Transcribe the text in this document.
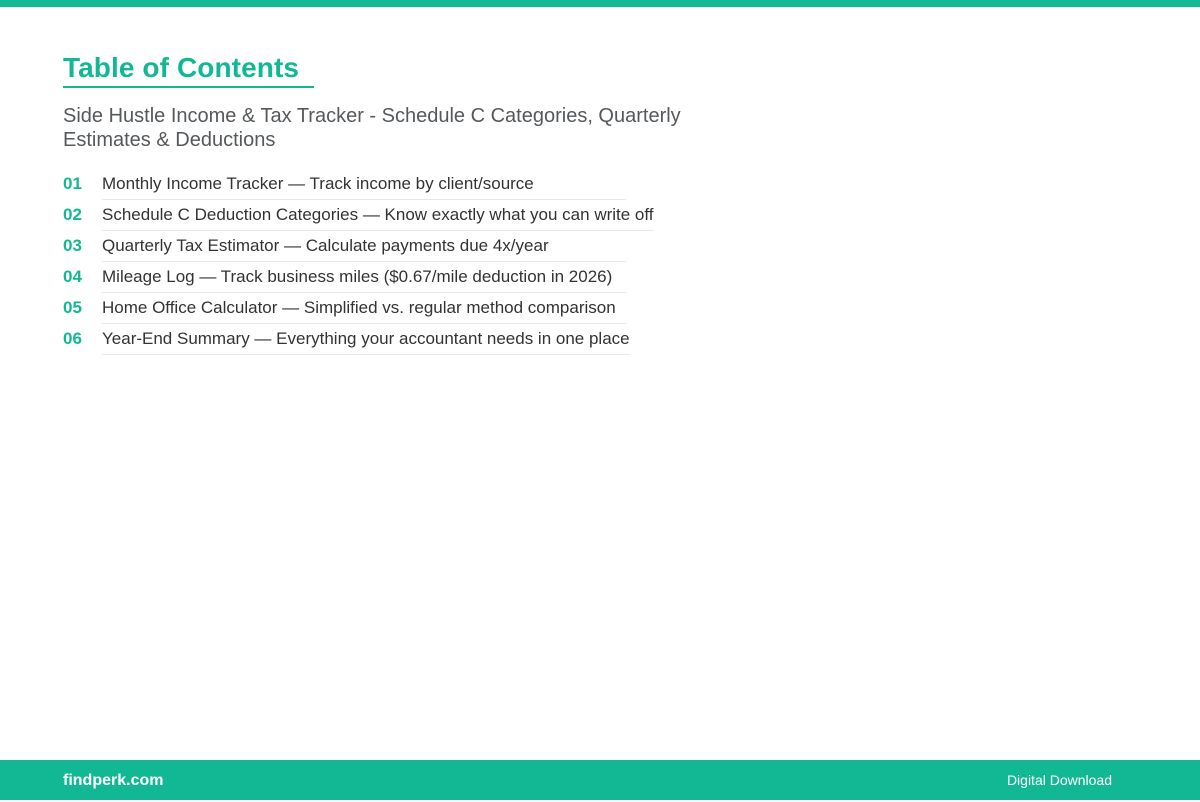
Table of Contents

Side Hustle Income & Tax Tracker - Schedule C Categories, Quarterly Estimates & Deductions

01	Monthly Income Tracker — Track income by client/source
02	Schedule C Deduction Categories — Know exactly what you can write off
03	Quarterly Tax Estimator — Calculate payments due 4x/year
04	Mileage Log — Track business miles ($0.67/mile deduction in 2026)
05	Home Office Calculator — Simplified vs. regular method comparison
06	Year-End Summary — Everything your accountant needs in one place
findperk.com	Digital Download
